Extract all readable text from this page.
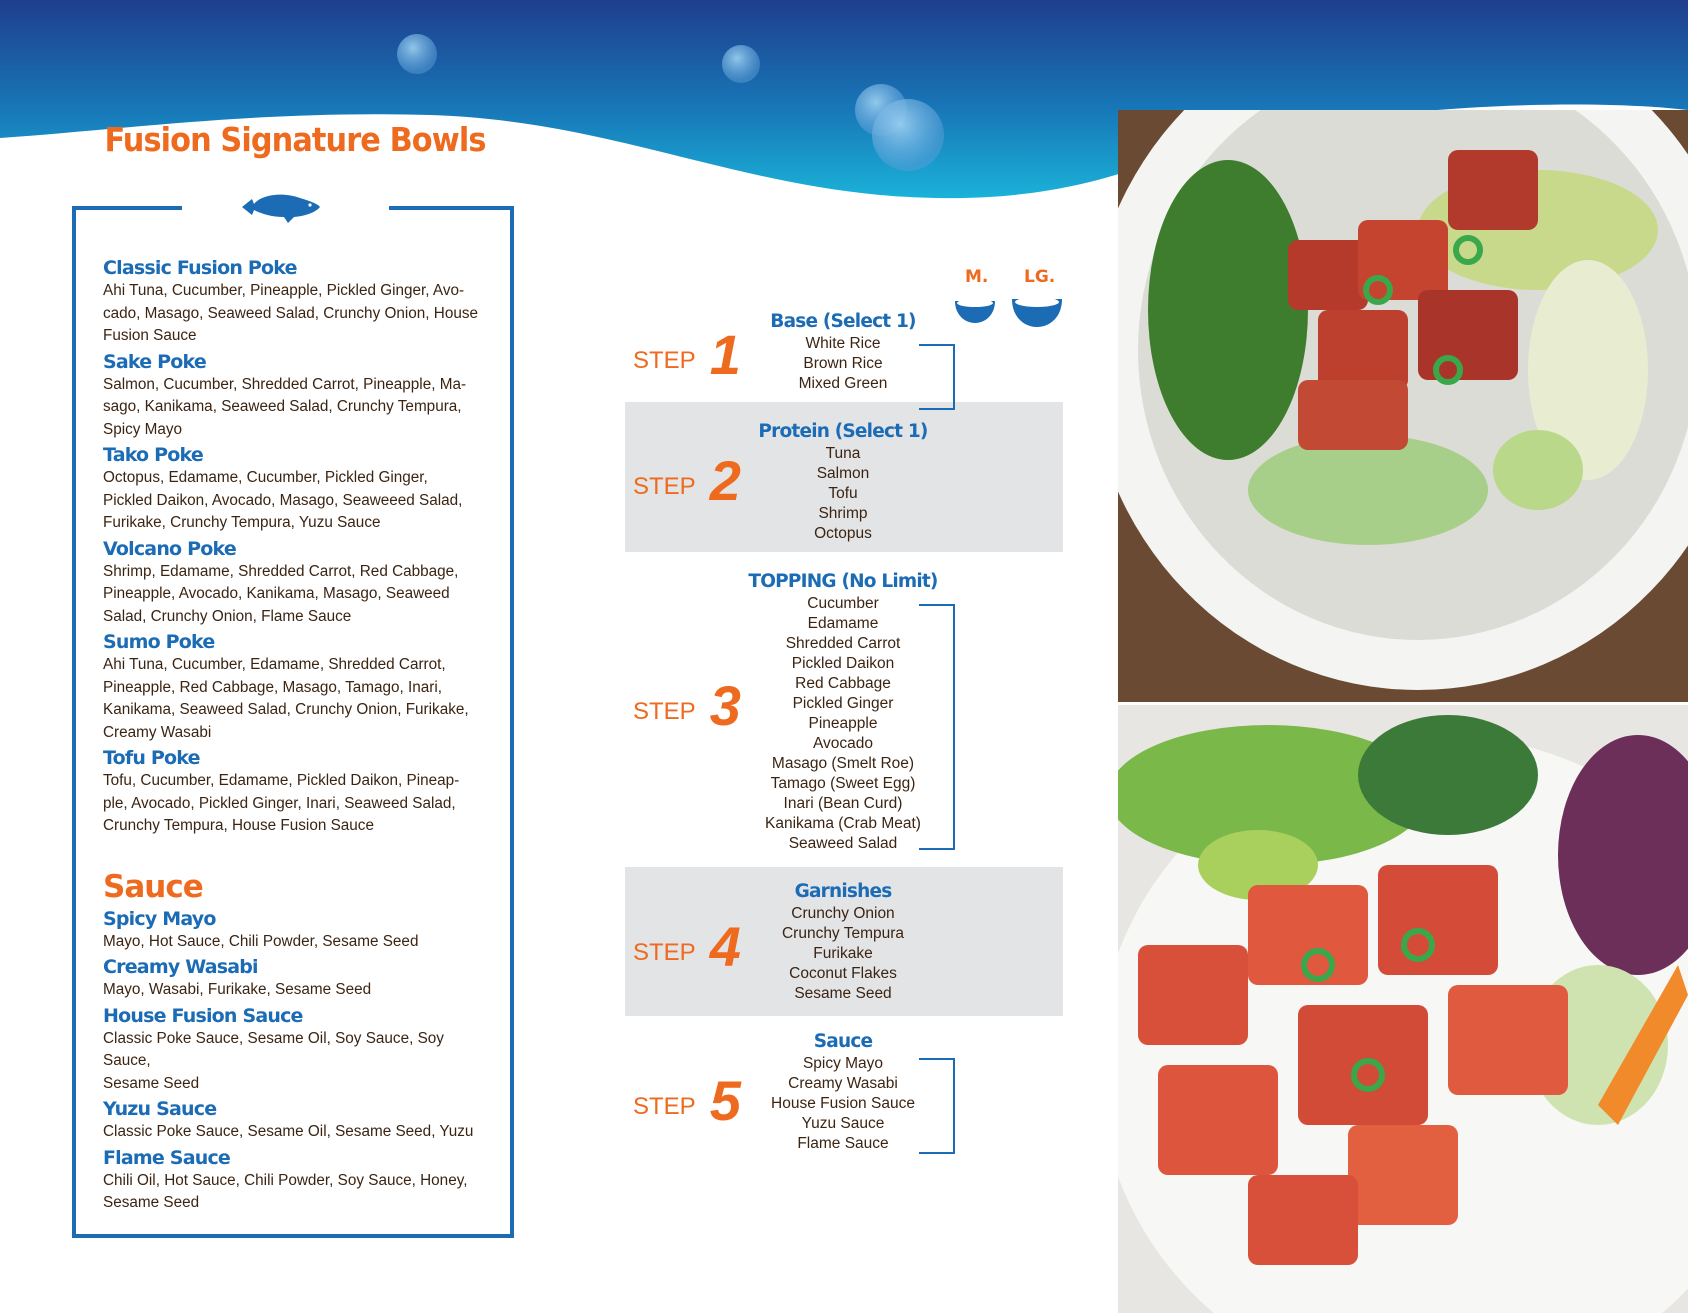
Fusion Signature Bowls
Classic Fusion Poke
Ahi Tuna, Cucumber, Pineapple, Pickled Ginger, Avo-
cado, Masago, Seaweed Salad, Crunchy Onion, House
Fusion Sauce
Sake Poke
Salmon, Cucumber, Shredded Carrot, Pineapple, Ma-
sago, Kanikama, Seaweed Salad, Crunchy Tempura,
Spicy Mayo
Tako Poke
Octopus, Edamame, Cucumber, Pickled Ginger,
Pickled Daikon, Avocado, Masago, Seaweeed Salad,
Furikake, Crunchy Tempura, Yuzu Sauce
Volcano Poke
Shrimp, Edamame, Shredded Carrot, Red Cabbage,
Pineapple, Avocado, Kanikama, Masago, Seaweed
Salad, Crunchy Onion, Flame Sauce
Sumo Poke
Ahi Tuna, Cucumber, Edamame, Shredded Carrot,
Pineapple, Red Cabbage, Masago, Tamago, Inari,
Kanikama, Seaweed Salad, Crunchy Onion, Furikake,
Creamy Wasabi
Tofu Poke
Tofu, Cucumber, Edamame, Pickled Daikon, Pineap-
ple, Avocado, Pickled Ginger, Inari, Seaweed Salad,
Crunchy Tempura, House Fusion Sauce
Sauce
Spicy Mayo
Mayo, Hot Sauce, Chili Powder, Sesame Seed
Creamy Wasabi
Mayo, Wasabi, Furikake, Sesame Seed
House Fusion Sauce
Classic Poke Sauce, Sesame Oil, Soy Sauce, Soy Sauce,
Sesame Seed
Yuzu Sauce
Classic Poke Sauce, Sesame Oil, Sesame Seed, Yuzu
Flame Sauce
Chili Oil, Hot Sauce, Chili Powder, Soy Sauce, Honey,
Sesame Seed
M. LG.
STEP 1
Base (Select 1)
White Rice
Brown Rice
Mixed Green
STEP 2
Protein (Select 1)
Tuna
Salmon
Tofu
Shrimp
Octopus
STEP 3
TOPPING (No Limit)
Cucumber
Edamame
Shredded Carrot
Pickled Daikon
Red Cabbage
Pickled Ginger
Pineapple
Avocado
Masago (Smelt Roe)
Tamago (Sweet Egg)
Inari (Bean Curd)
Kanikama (Crab Meat)
Seaweed Salad
STEP 4
Garnishes
Crunchy Onion
Crunchy Tempura
Furikake
Coconut Flakes
Sesame Seed
STEP 5
Sauce
Spicy Mayo
Creamy Wasabi
House Fusion Sauce
Yuzu Sauce
Flame Sauce
